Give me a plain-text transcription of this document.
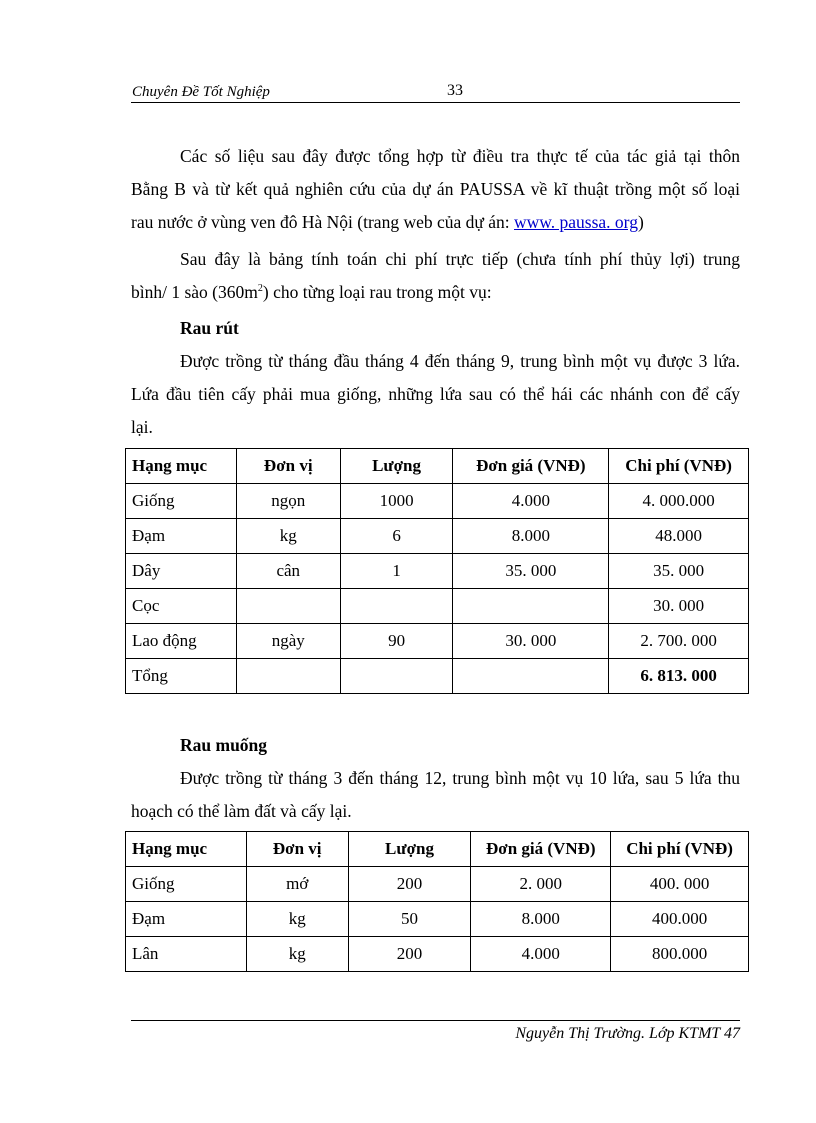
Chuyên Đề Tốt Nghiệp	33
Các số liệu sau đây được tổng hợp từ điều tra thực tế của tác giả tại thôn
Bằng B và từ kết quả nghiên cứu của dự án PAUSSA về kĩ thuật trồng một số loại
rau nước ở vùng ven đô Hà Nội (trang web của dự án: www. paussa. org)
Sau đây là bảng tính toán chi phí trực tiếp (chưa tính phí thủy lợi) trung
bình/ 1 sào $(360m^2)$ cho từng loại rau trong một vụ:
Rau rút
Được trồng từ tháng đầu tháng 4 đến tháng 9, trung bình một vụ được 3 lứa.
Lứa đầu tiên cấy phải mua giống, những lứa sau có thể hái các nhánh con để cấy
lại.
Hạng mục	Đơn vị	Lượng	Đơn giá (VNĐ)	Chi phí (VNĐ)
Giống	ngọn	1000	4.000	4. 000.000
Đạm	kg	6	8.000	48.000
Dây	cân	1	35. 000	35. 000
Cọc				30. 000
Lao động	ngày	90	30. 000	2. 700. 000
Tổng				6. 813. 000
Rau muống
Được trồng từ tháng 3 đến tháng 12, trung bình một vụ 10 lứa, sau 5 lứa thu
hoạch có thể làm đất và cấy lại.
Hạng mục	Đơn vị	Lượng	Đơn giá (VNĐ)	Chi phí (VNĐ)
Giống	mớ	200	2. 000	400. 000
Đạm	kg	50	8.000	400.000
Lân	kg	200	4.000	800.000
Nguyễn Thị Trường. Lớp KTMT 47
